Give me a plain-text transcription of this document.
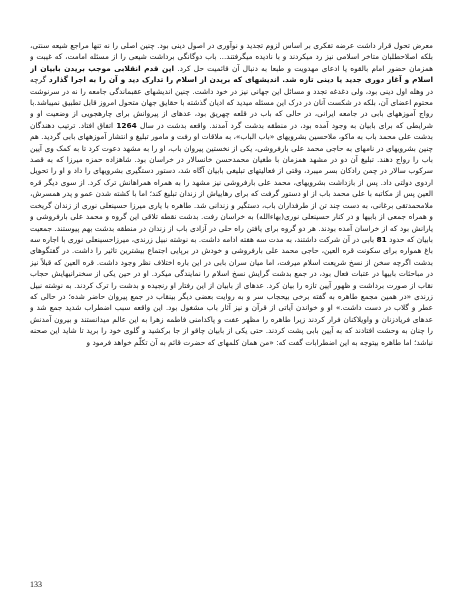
معرض تحول قرار داشت عرضه تفکری بر اساس لزوم تجدید و نوآوری در اصول دینی بود. چنین اصلی را نه تنها مراجع شیعه سنتی، بلکه اصلاحطلبان متاخر اسلامی نیز رد میکردند و با نادیده میگرفتند... باب دوگانگی برداشت شیعی را از مسئله امامت، که غیبت و همزمان حضور امام بالقوه یا ادعای مهدویت و طبعا به دنبال آن قائمیت حل کرد. این قدم انقلابی موجب بریدن بابیان از اسلام و آغاز دوری جدید یا دینی تازه شد. اندیشهای که بریدن از اسلام را تدارک دید و آن را به اجرا گذارد گرچه در وهله اول دینی بود، ولی دغدغه تجدد و مسائل این جهانی نیز در خود داشت. چنین اندیشهای عقبماندگی جامعه را نه در سرنوشت محتوم اعضای آن، بلکه در شکست آنان در درک این مسئله میدید که ادیان گذشته با حقایق جهان متحول امروز قابل تطبیق نمیباشد.با رواج آموزههای بابی در جامعه ایرانی، در حالی که باب در قلعه چهریق بود، عدهای از پیروانش برای چارهجویی از وضعیت او و شرایطی که برای بابیان به وجود آمده بود، در منطقه بدشت گرد آمدند. واقعه بدشت در سال 1264 اتفاق افتاد. ترتیب دهندگان بدشت علی محمد باب به ماکو، ملاحسین بشرویهای «باب الباب»، به ملاقات او رفت و مامور تبلیغ و انتشار آموزههای بابی گردید. هم چنین بشرویهای در نامهای به حاجی محمد علی بارفروشی، یکی از نخستین پیروان باب، او را به مشهد دعوت کرد تا به کمک وی آیین باب را رواج دهند. تبلیغ آن دو در مشهد همزمان با طغیان محمدحسن خانسالار در خراسان بود. شاهزاده حمزه میرزا که به قصد سرکوب سالار در چمن رادکان بسر میبرد، وقتی از فعالیتهای تبلیغی بابیان آگاه شد، دستور دستگیری بشرویهای را داد و او را تحویل اردوی دولتی داد. پس از بازداشت بشرویهای، محمد علی بارفروشی نیز مشهد را به همراه همراهانش ترک کرد. از سوی دیگر قره العین پس از مکاتبه با علی محمد باب از او دستور گرفت که برای رهاییاش از زندان تبلیغ کند؛ اما با کشته شدن عمو و پدر همسرش، ملامحمدتقی برغانی، به دست چند تن از طرفداران باب، دستگیر و زندانی شد. طاهره با یاری میرزا حسینعلی نوری از زندان گریخت و همراه جمعی از بابیها و در کنار حسینعلی نوری(بهاءالله) به خراسان رفت. بدشت نقطه تلاقی این گروه و محمد علی بارفروشی و یارانش بود که از خراسان آمده بودند. هر دو گروه برای یافتن راه حلی در آزادی باب از زندان در منطقه بدشت بهم پیوستند. جمعیت بابیان که حدود 81 بابی در آن شرکت داشتند، به مدت سه هفته ادامه داشت. به نوشته نبیل زرندی، میرزاحسینعلی نوری با اجاره سه باغ همواره برای سکونت قره العین، حاجی محمد علی بارفروشی و خودش در برپایی اجتماع بیشترین تاثیر را داشت. در گفتگوهای بدشت اگرچه سخن از نسخ شریعت اسلام میرفت، اما میان سران بابی در این باره اختلاف نظر وجود داشت. قره العین که قبلاً نیز در مباحثات بابیها در عتبات فعال بود، در جمع بدشت گرایش نسخ اسلام را نمایندگی میکرد. او در حین یکی از سخنرانیهایش حجاب نقاب از صورت برداشت و ظهور آیین تازه را بیان کرد. عدهای از بابیان از این رفتار او رنجیده و بدشت را ترک کردند. به نوشته نبیل زرندی «در همین مجمع طاهره به گفته برخی بیحجاب سر و به روایت بعضی دیگر بینقاب در جمع پیروان حاضر شده؛ در حالی که عطر و گلاب در دست داشت.» او و خواندن آیاتی از قرآن و نیز آثار باب مشغول بود. این واقعه سبب اضطراب شدید جمع شد و عدهای فریادزنان و واویلاکنان فرار کردند زیرا طاهره را مظهر عفت و پاکدامنی فاطمه زهرا به این عالم میدانستند و بیرون آمدنش را چنان به وحشت افتادند که به آیین بابی پشت کردند. حتی یکی از بابیان چاقو از جا برکشید و گلوی خود را برید تا شاید این صحنه نباشد؛ اما طاهره بیتوجه به این اضطرابات گفت که: «من همان کلمهای که حضرت قائم به آن تکلّم خواهد فرمود و

133
